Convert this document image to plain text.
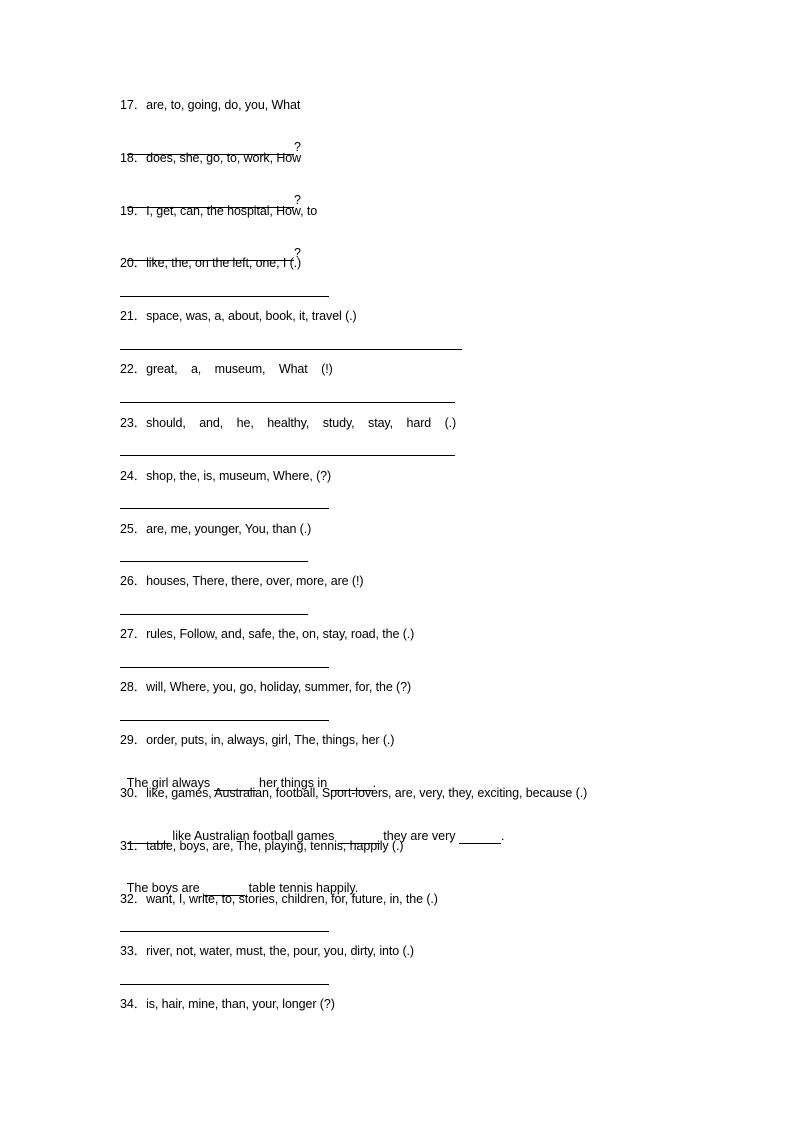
17．are, to, going, do, you, What

?

18．does, she, go, to, work, How

?

19．I, get, can, the hospital, How, to

?

20．like, the, on the left, one, I (.)
21．space, was, a, about, book, it, travel (.)
22．great,    a,    museum,    What    (!)
23．should,    and,    he,    healthy,    study,    stay,    hard    (.)
24．shop, the, is, museum, Where, (?)
25．are, me, younger, You, than (.)
26．houses, There, there, over, more, are (!)
27．rules, Follow, and, safe, the, on, stay, road, the (.)
28．will, Where, you, go, holiday, summer, for, the (?)
29．order, puts, in, always, girl, The, things, her (.)

The girl always	her things in	.

30．like, games, Australian, football, Sport-lovers, are, very, they, exciting, because (.)

like Australian football games	they are very	.

31．table, boys, are, The, playing, tennis, happily (.)

The boys are	table tennis happily.

32．want, I, write, to, stories, children, for, future, in, the (.)
33．river, not, water, must, the, pour, you, dirty, into (.)
34．is, hair, mine, than, your, longer (?)
